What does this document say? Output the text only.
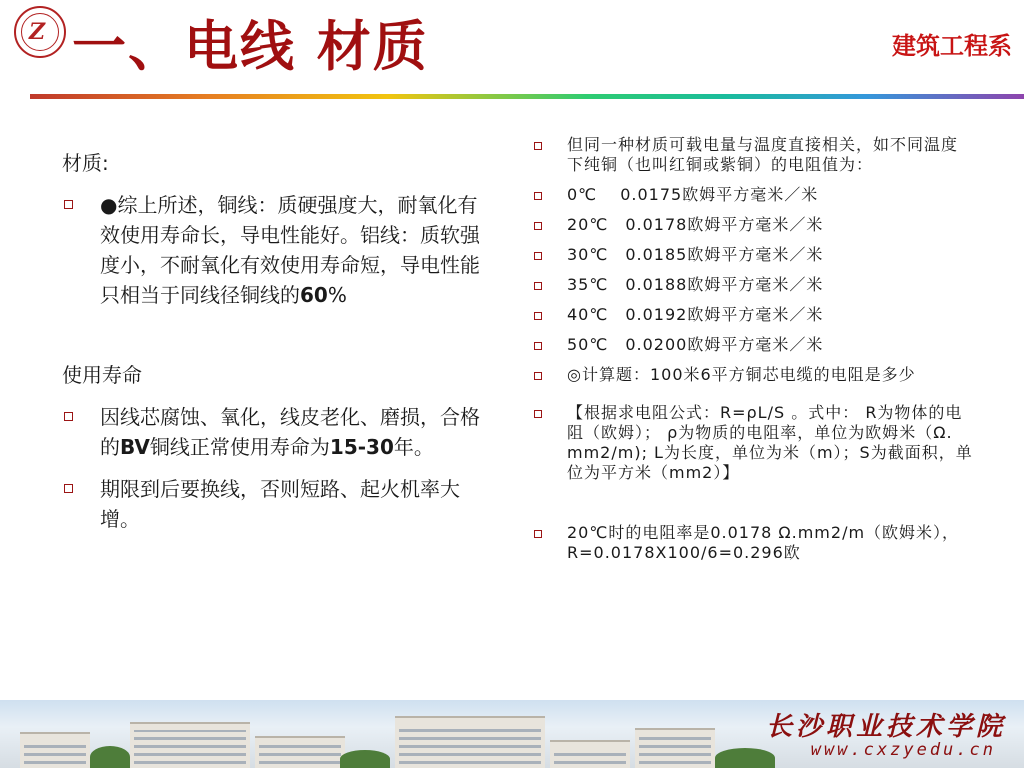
Z 一、电线 材质	建筑工程系

材质:

●综上所述，铜线：质硬强度大，耐氧化有效使用寿命长，导电性能好。铝线：质软强度小，不耐氧化有效使用寿命短，导电性能只相当于同线径铜线的60%

使用寿命

因线芯腐蚀、氧化，线皮老化、磨损，合格的BV铜线正常使用寿命为15-30年。

期限到后要换线，否则短路、起火机率大增。

但同一种材质可载电量与温度直接相关，如不同温度下纯铜（也叫红铜或紫铜）的电阻值为：

0℃　 0.0175欧姆平方毫米／米

20℃　0.0178欧姆平方毫米／米

30℃　0.0185欧姆平方毫米／米

35℃　0.0188欧姆平方毫米／米

40℃　0.0192欧姆平方毫米／米

50℃　0.0200欧姆平方毫米／米

◎计算题：100米6平方铜芯电缆的电阻是多少

【根据求电阻公式：R=ρL/S 。式中： R为物体的电阻（欧姆）； ρ为物质的电阻率，单位为欧姆米（Ω. mm2/m); L为长度，单位为米（m）；S为截面积，单位为平方米（mm2）】

20℃时的电阻率是0.0178 Ω.mm2/m（欧姆米），R=0.0178X100/6=0.296欧

长沙职业技术学院
www.cxzyedu.cn
